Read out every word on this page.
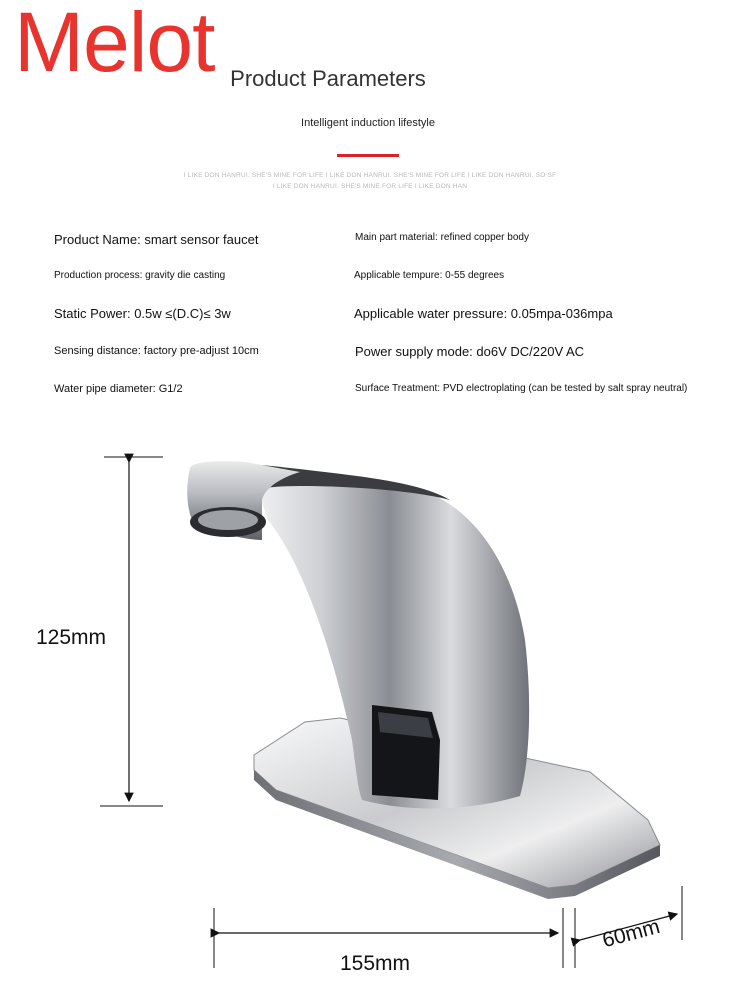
Melot Product Parameters
Intelligent induction lifestyle
I LIKE DON HANRUI. SHE'S MINE FOR LIFE I LIKE DON HANRUI. SHE'S MINE FOR LIFE I LIKE DON HANRUI. SO SF
I LIKE DON HANRUI. SHE'S MINE FOR LIFE I LIKE DON HAN
Product Name: smart sensor faucet
Production process: gravity die casting
Static Power: 0.5w ≤(D.C)≤ 3w
Sensing distance: factory pre-adjust 10cm
Water pipe diameter: G1/2
Main part material: refined copper body
Applicable tempure: 0-55 degrees
Applicable water pressure: 0.05mpa-036mpa
Power supply mode: do6V DC/220V AC
Surface Treatment: PVD electroplating (can be tested by salt spray neutral)
125mm
155mm
60mm
